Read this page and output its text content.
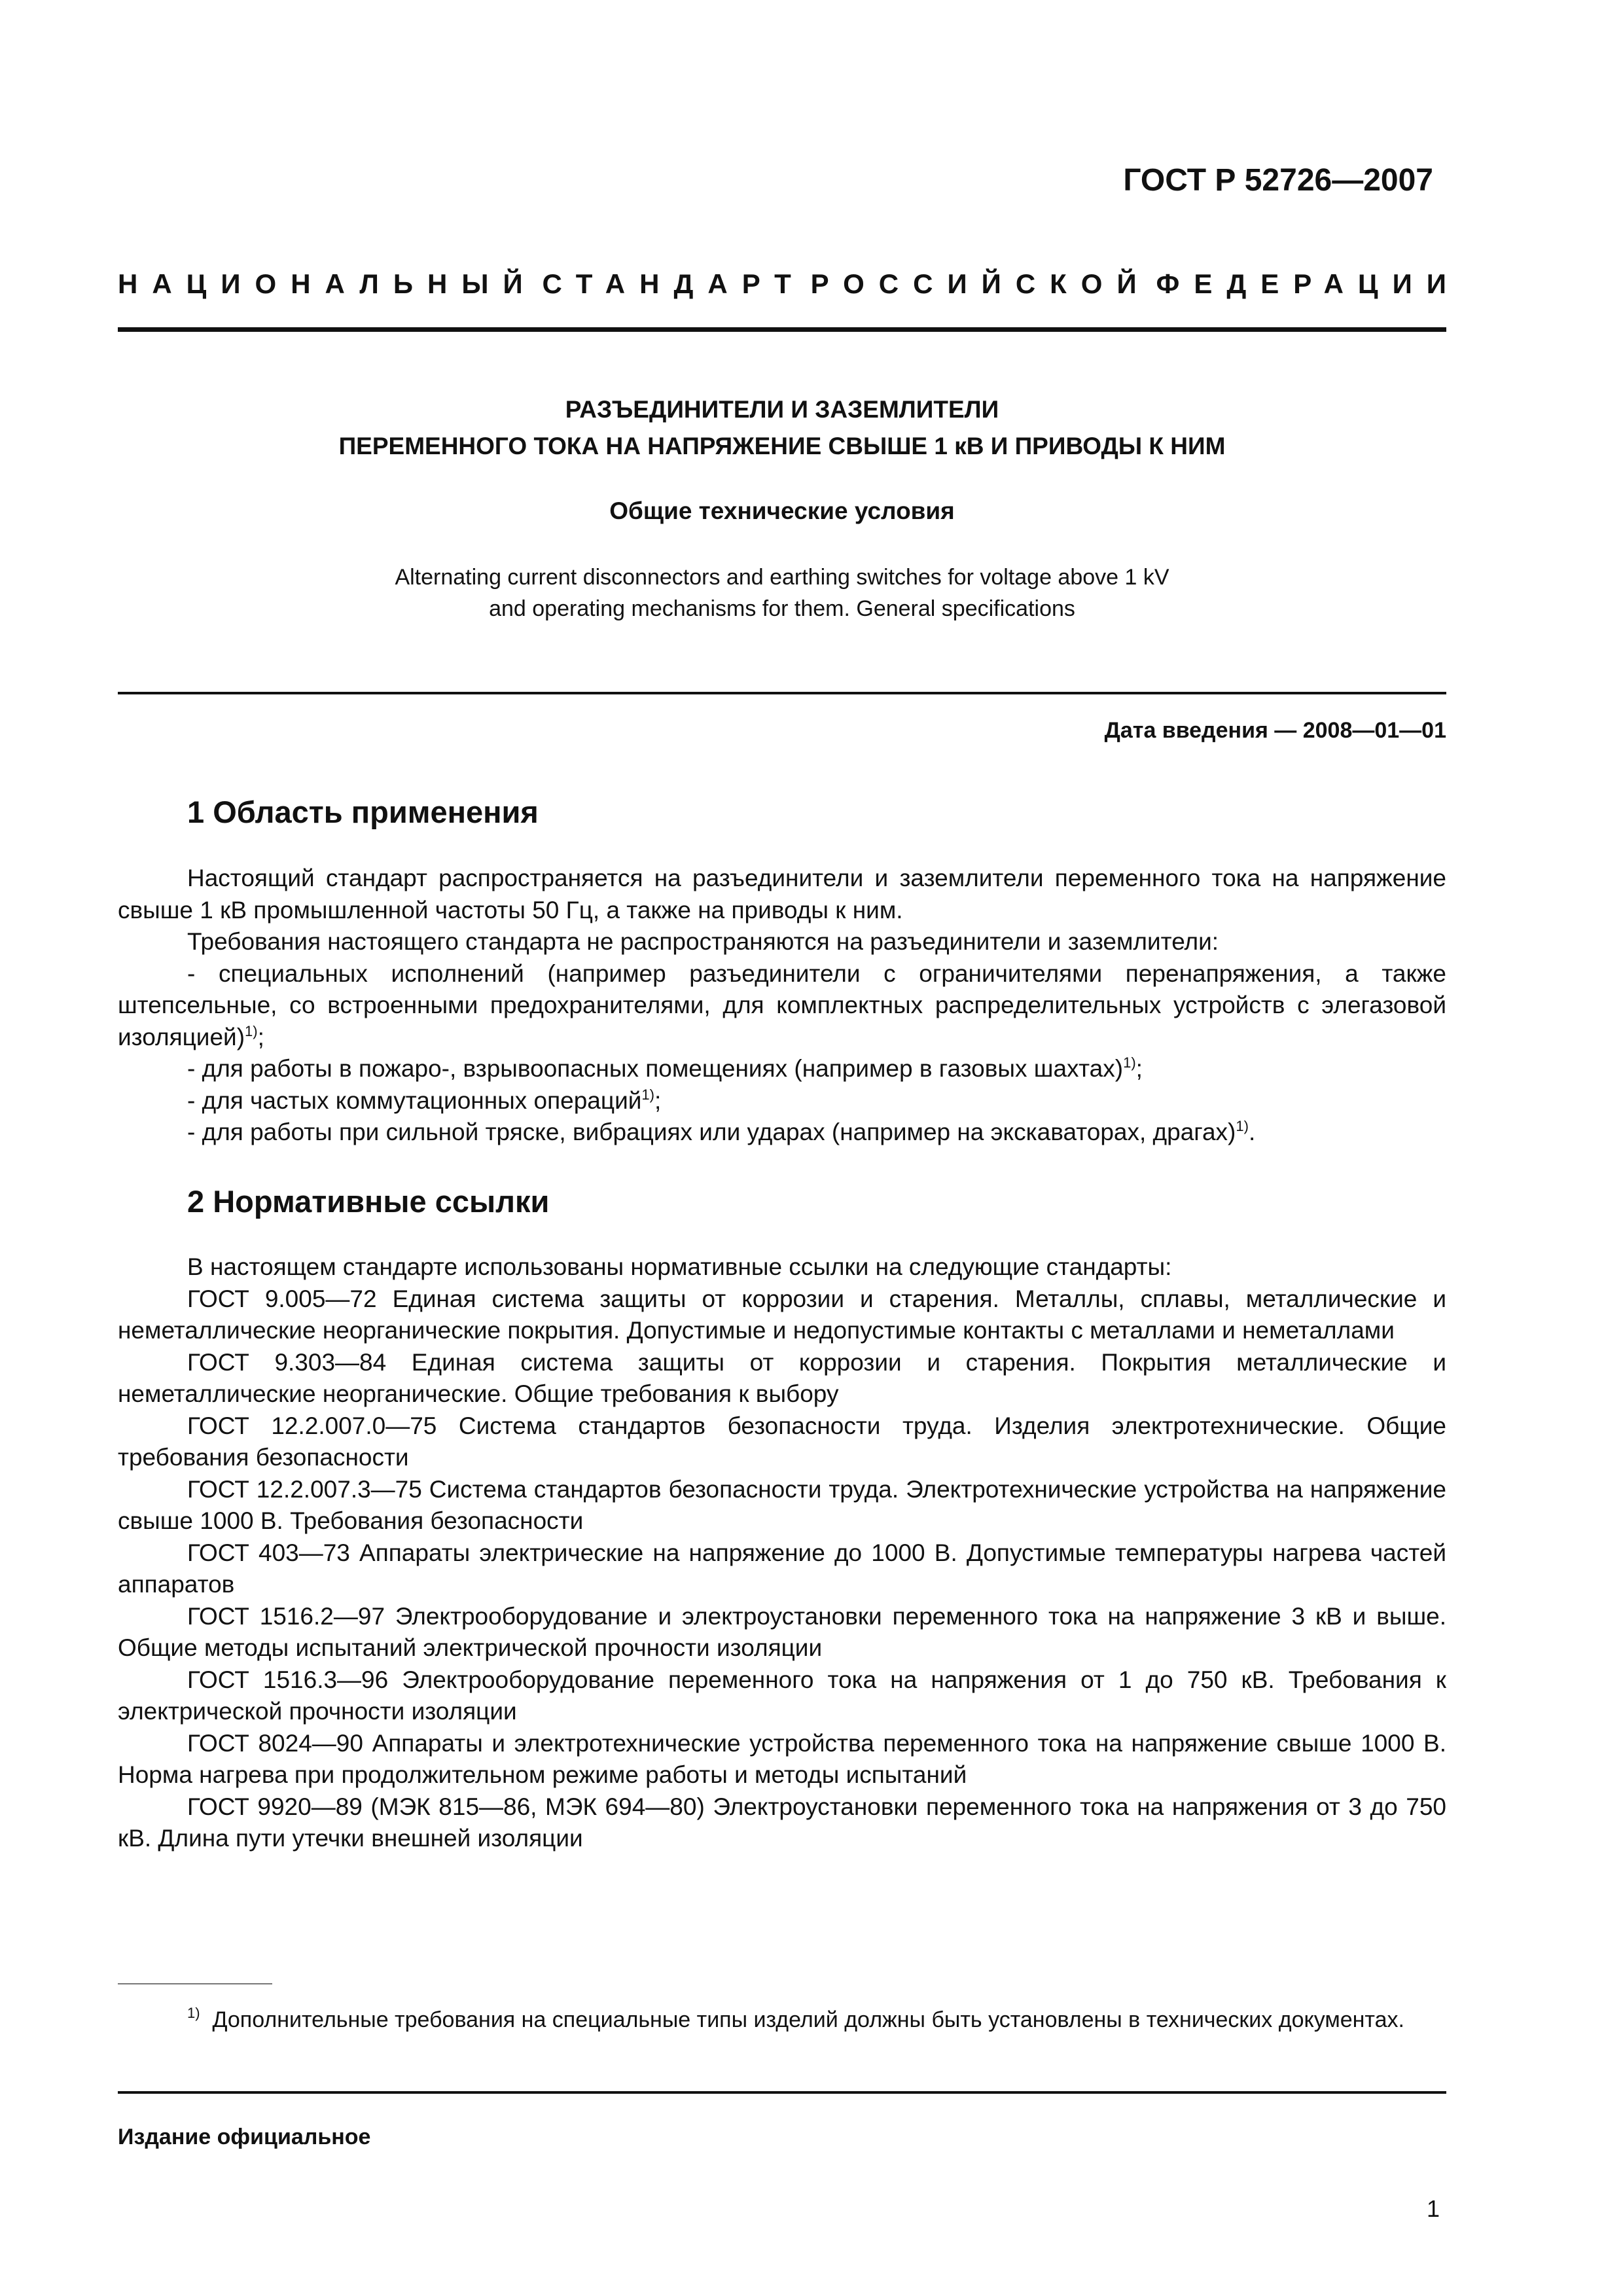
ГОСТ Р 52726—2007
НАЦИОНАЛЬНЫЙ СТАНДАРТ РОССИЙСКОЙ ФЕДЕРАЦИИ
РАЗЪЕДИНИТЕЛИ И ЗАЗЕМЛИТЕЛИ
ПЕРЕМЕННОГО ТОКА НА НАПРЯЖЕНИЕ СВЫШЕ 1 кВ И ПРИВОДЫ К НИМ
Общие технические условия
Alternating current disconnectors and earthing switches for voltage above 1 kV
and operating mechanisms for them. General specifications
Дата введения — 2008—01—01
1 Область применения

Настоящий стандарт распространяется на разъединители и заземлители переменного тока на напряжение свыше 1 кВ промышленной частоты 50 Гц, а также на приводы к ним.

Требования настоящего стандарта не распространяются на разъединители и заземлители:

- специальных исполнений (например разъединители с ограничителями перенапряжения, а также штепсельные, со встроенными предохранителями, для комплектных распределительных устройств с элегазовой изоляцией)$^{1)}$;

- для работы в пожаро-, взрывоопасных помещениях (например в газовых шахтах)$^{1)}$;

- для частых коммутационных операций$^{1)}$;

- для работы при сильной тряске, вибрациях или ударах (например на экскаваторах, драгах)$^{1)}$.

2 Нормативные ссылки

В настоящем стандарте использованы нормативные ссылки на следующие стандарты:

ГОСТ 9.005—72 Единая система защиты от коррозии и старения. Металлы, сплавы, металлические и неметаллические неорганические покрытия. Допустимые и недопустимые контакты с металлами и неметаллами

ГОСТ 9.303—84 Единая система защиты от коррозии и старения. Покрытия металлические и неметаллические неорганические. Общие требования к выбору

ГОСТ 12.2.007.0—75 Система стандартов безопасности труда. Изделия электротехнические. Общие требования безопасности

ГОСТ 12.2.007.3—75 Система стандартов безопасности труда. Электротехнические устройства на напряжение свыше 1000 В. Требования безопасности

ГОСТ 403—73 Аппараты электрические на напряжение до 1000 В. Допустимые температуры нагрева частей аппаратов

ГОСТ 1516.2—97 Электрооборудование и электроустановки переменного тока на напряжение 3 кВ и выше. Общие методы испытаний электрической прочности изоляции

ГОСТ 1516.3—96 Электрооборудование переменного тока на напряжения от 1 до 750 кВ. Требования к электрической прочности изоляции

ГОСТ 8024—90 Аппараты и электротехнические устройства переменного тока на напряжение свыше 1000 В. Норма нагрева при продолжительном режиме работы и методы испытаний

ГОСТ 9920—89 (МЭК 815—86, МЭК 694—80) Электроустановки переменного тока на напряжения от 3 до 750 кВ. Длина пути утечки внешней изоляции

$^{1)}$ Дополнительные требования на специальные типы изделий должны быть установлены в технических документах.

Издание официальное
1
